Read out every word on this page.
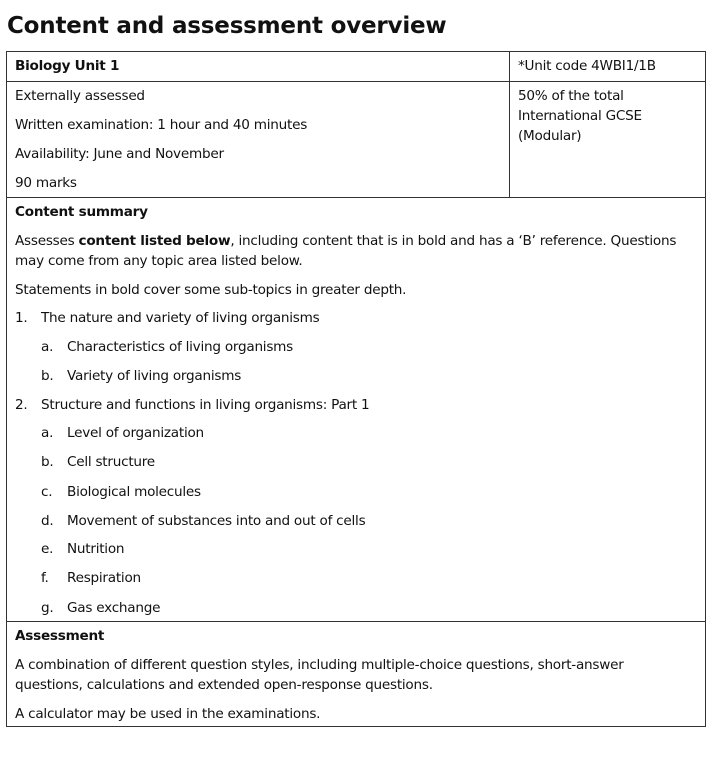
Content and assessment overview
Biology Unit 1	*Unit code 4WBI1/1B
Externally assessed
Written examination: 1 hour and 40 minutes
Availability: June and November
90 marks
50% of the total
International GCSE
(Modular)
Content summary
Assesses content listed below, including content that is in bold and has a ‘B’ reference. Questions
may come from any topic area listed below.
Statements in bold cover some sub-topics in greater depth.
1. The nature and variety of living organisms
a. Characteristics of living organisms
b. Variety of living organisms
2. Structure and functions in living organisms: Part 1
a. Level of organization
b. Cell structure
c. Biological molecules
d. Movement of substances into and out of cells
e. Nutrition
f. Respiration
g. Gas exchange
Assessment
A combination of different question styles, including multiple-choice questions, short-answer
questions, calculations and extended open-response questions.
A calculator may be used in the examinations.
